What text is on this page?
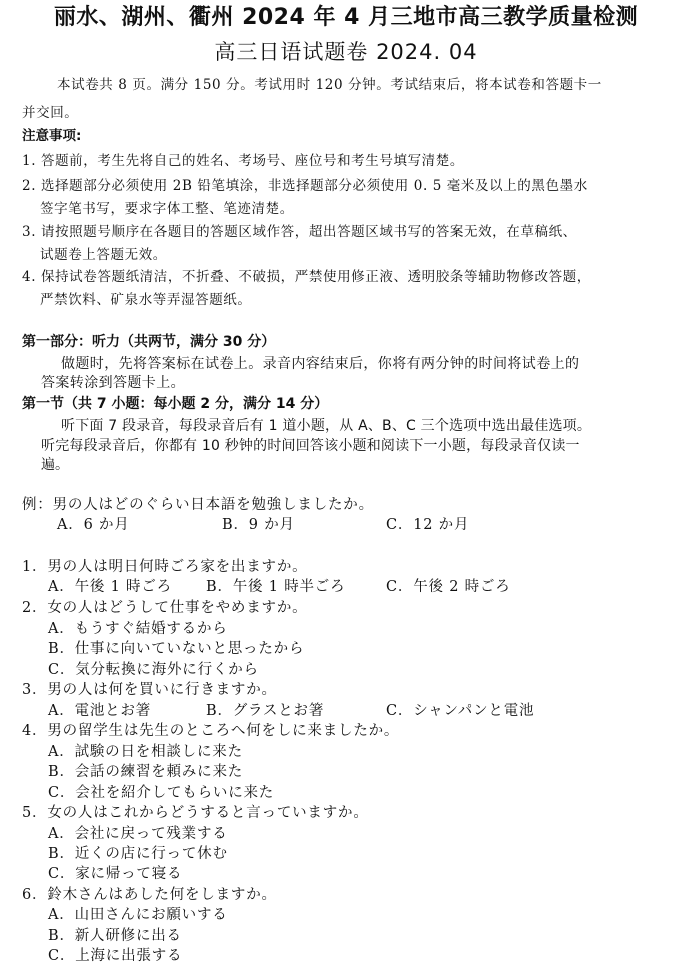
丽水、湖州、衢州 2024 年 4 月三地市高三教学质量检测
高三日语试题卷 2024. 04
本试卷共 8 页。满分 150 分。考试用时 120 分钟。考试结束后，将本试卷和答题卡一
并交回。
注意事项:
1. 答题前，考生先将自己的姓名、考场号、座位号和考生号填写清楚。
2. 选择题部分必须使用 2B 铅笔填涂，非选择题部分必须使用 0. 5 毫米及以上的黑色墨水
签字笔书写，要求字体工整、笔迹清楚。
3. 请按照题号顺序在各题目的答题区域作答，超出答题区域书写的答案无效，在草稿纸、
试题卷上答题无效。
4. 保持试卷答题纸清洁，不折叠、不破损，严禁使用修正液、透明胶条等辅助物修改答题，
严禁饮料、矿泉水等弄湿答题纸。
第一部分：听力（共两节，满分 30 分）
做题时，先将答案标在试卷上。录音内容结束后，你将有两分钟的时间将试卷上的
答案转涂到答题卡上。
第一节（共 7 小题：每小题 2 分，满分 14 分）
听下面 7 段录音，每段录音后有 1 道小题，从 A、B、C 三个选项中选出最佳选项。
听完每段录音后，你都有 10 秒钟的时间回答该小题和阅读下一小题，每段录音仅读一
遍。
例：男の人はどのぐらい日本語を勉強しましたか。
A．6 か月	B．9 か月	C．12 か月
1．男の人は明日何時ごろ家を出ますか。
A．午後 1 時ごろ B．午後 1 時半ごろ	C．午後 2 時ごろ
2．女の人はどうして仕事をやめますか。
A．もうすぐ結婚するから
B．仕事に向いていないと思ったから
C．気分転換に海外に行くから
3．男の人は何を買いに行きますか。
A．電池とお箸	B．グラスとお箸	C．シャンパンと電池
4．男の留学生は先生のところへ何をしに来ましたか。
A．試験の日を相談しに来た
B．会話の練習を頼みに来た
C．会社を紹介してもらいに来た
5．女の人はこれからどうすると言っていますか。
A．会社に戻って残業する
B．近くの店に行って休む
C．家に帰って寝る
6．鈴木さんはあした何をしますか。
A．山田さんにお願いする
B．新人研修に出る
C．上海に出張する
